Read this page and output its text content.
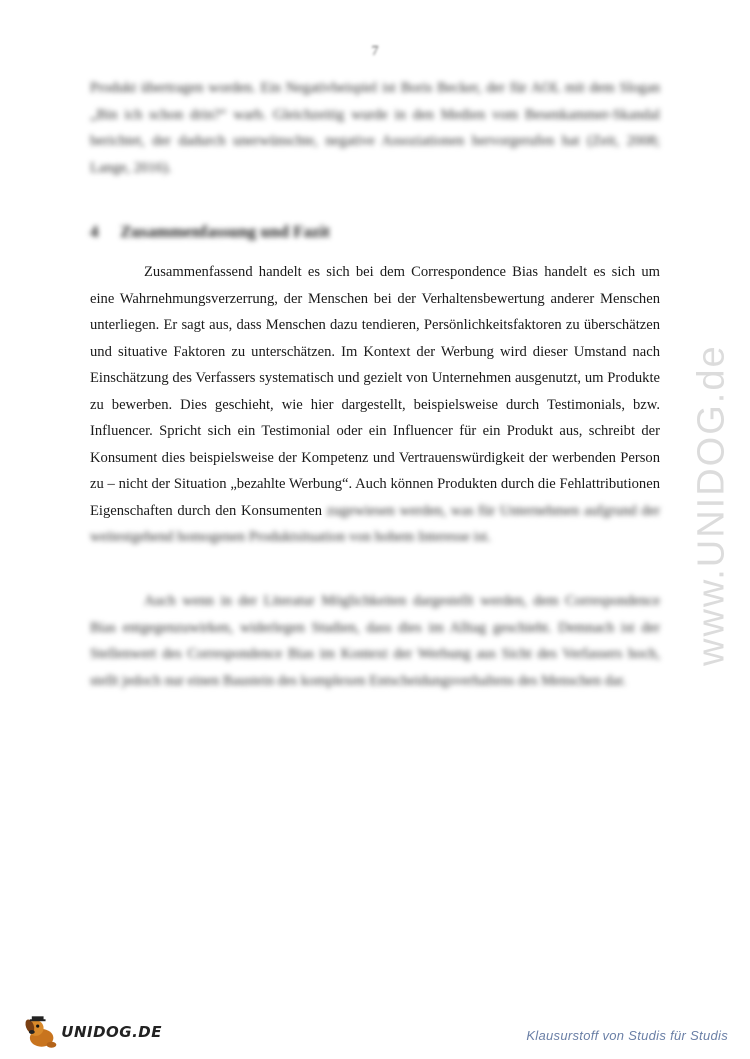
7

Produkt übertragen worden. Ein Negativbeispiel ist Boris Becker, der für AOL mit dem Slogan „Bin ich schon drin?“ warb. Gleichzeitig wurde in den Medien vom Besenkammer-Skandal berichtet, der dadurch unerwünschte, negative Assoziationen hervorgerufen hat (Zeit, 2008; Lange, 2016).

4 Zusammenfassung und Fazit

Zusammenfassend handelt es sich bei dem Correspondence Bias handelt es sich um eine Wahrnehmungsverzerrung, der Menschen bei der Verhaltensbewertung anderer Menschen unterliegen. Er sagt aus, dass Menschen dazu tendieren, Persönlichkeitsfaktoren zu überschätzen und situative Faktoren zu unterschätzen. Im Kontext der Werbung wird dieser Umstand nach Einschätzung des Verfassers systematisch und gezielt von Unternehmen ausgenutzt, um Produkte zu bewerben. Dies geschieht, wie hier dargestellt, beispielsweise durch Testimonials, bzw. Influencer. Spricht sich ein Testimonial oder ein Influencer für ein Produkt aus, schreibt der Konsument dies beispielsweise der Kompetenz und Vertrauenswürdigkeit der werbenden Person zu – nicht der Situation „bezahlte Werbung“. Auch können Produkten durch die Fehlattributionen Eigenschaften durch den Konsumenten zugewiesen werden, was für Unternehmen aufgrund der weitestgehend homogenen Produktsituation von hohem Interesse ist.

Auch wenn in der Literatur Möglichkeiten dargestellt werden, dem Correspondence Bias entgegenzuwirken, widerlegen Studien, dass dies im Alltag geschieht. Demnach ist der Stellenwert des Correspondence Bias im Kontext der Werbung aus Sicht des Verfassers hoch, stellt jedoch nur einen Baustein des komplexen Entscheidungsverhaltens des Menschen dar.

www.UNIDOG.de
UNIDOG.DE	Klausurstoff von Studis für Studis
